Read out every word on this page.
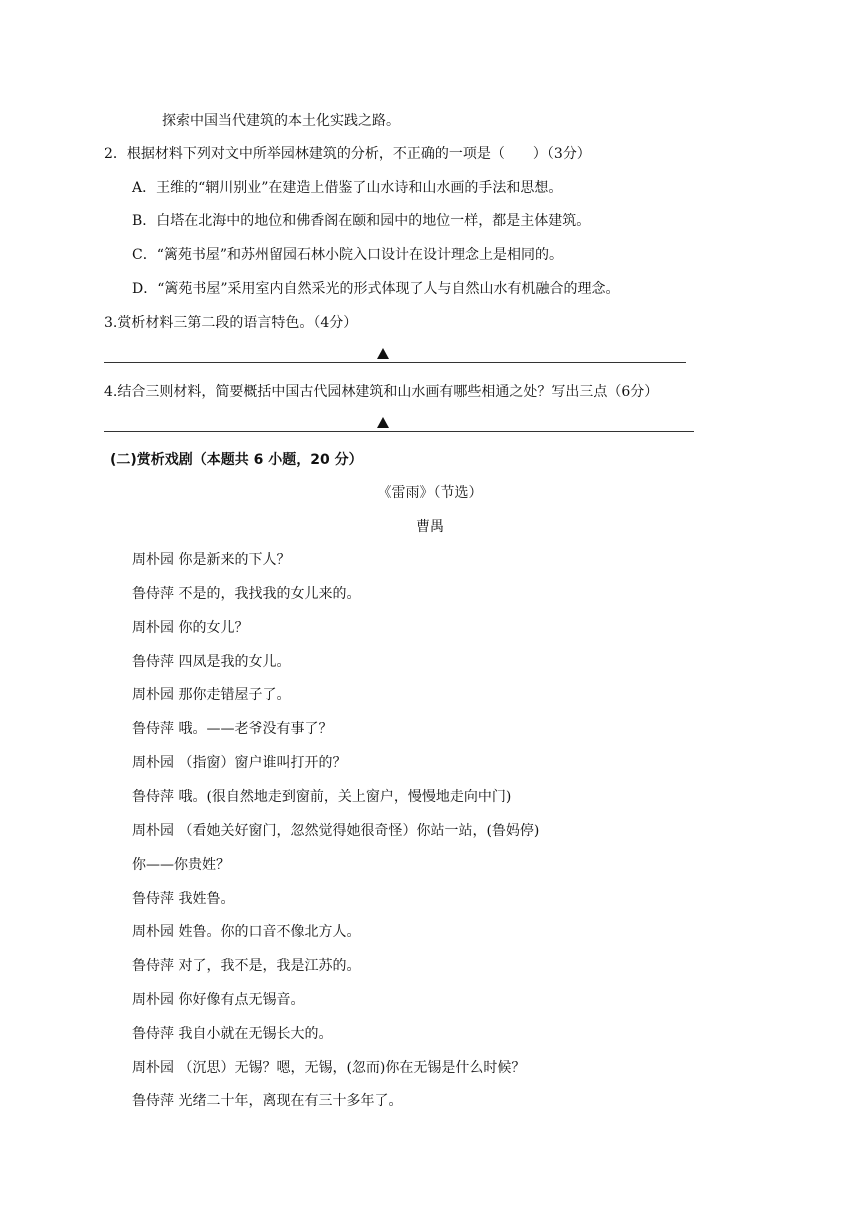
探索中国当代建筑的本土化实践之路。
2．根据材料下列对文中所举园林建筑的分析，不正确的一项是（　　）（3分）
A．王维的“辋川别业”在建造上借鉴了山水诗和山水画的手法和思想。
B．白塔在北海中的地位和佛香阁在颐和园中的地位一样，都是主体建筑。
C．“篱苑书屋”和苏州留园石林小院入口设计在设计理念上是相同的。
D．“篱苑书屋”采用室内自然采光的形式体现了人与自然山水有机融合的理念。
3.赏析材料三第二段的语言特色。（4分）
4.结合三则材料，简要概括中国古代园林建筑和山水画有哪些相通之处？写出三点（6分）
(二)赏析戏剧（本题共 6 小题，20 分）
《雷雨》（节选）
曹禺
周朴园 你是新来的下人？
鲁侍萍 不是的，我找我的女儿来的。
周朴园 你的女儿？
鲁侍萍 四凤是我的女儿。
周朴园 那你走错屋子了。
鲁侍萍 哦。——老爷没有事了？
周朴园 （指窗）窗户谁叫打开的？
鲁侍萍 哦。(很自然地走到窗前，关上窗户，慢慢地走向中门)
周朴园 （看她关好窗门，忽然觉得她很奇怪）你站一站，(鲁妈停)
你——你贵姓？
鲁侍萍 我姓鲁。
周朴园 姓鲁。你的口音不像北方人。
鲁侍萍 对了，我不是，我是江苏的。
周朴园 你好像有点无锡音。
鲁侍萍 我自小就在无锡长大的。
周朴园 （沉思）无锡？嗯，无锡，(忽而)你在无锡是什么时候？
鲁侍萍 光绪二十年，离现在有三十多年了。
